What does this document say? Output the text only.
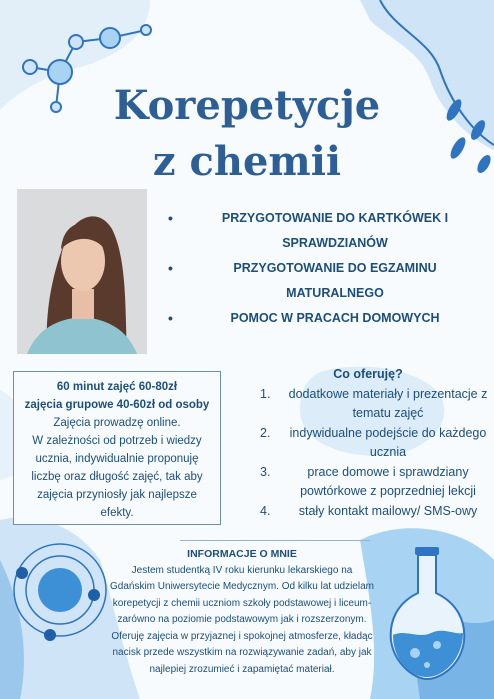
Korepetycje
z chemii
•	PRZYGOTOWANIE DO KARTKÓWEK I SPRAWDZIANÓW
•	PRZYGOTOWANIE DO EGZAMINU MATURALNEGO
•	POMOC W PRACACH DOMOWYCH
60 minut zajęć 60-80zł
zajęcia grupowe 40-60zł od osoby
Zajęcia prowadzę online.
W zależności od potrzeb i wiedzy ucznia, indywidualnie proponuję liczbę oraz długość zajęć, tak aby zajęcia przyniosły jak najlepsze efekty.
Co oferuję?
1.	dodatkowe materiały i prezentacje z tematu zajęć
2.	indywidualne podejście do każdego ucznia
3.	prace domowe i sprawdziany powtórkowe z poprzedniej lekcji
4.	stały kontakt mailowy/ SMS-owy
INFORMACJE O MNIE
Jestem studentką IV roku kierunku lekarskiego na Gdańskim Uniwersytecie Medycznym. Od kilku lat udzielam korepetycji z chemii uczniom szkoły podstawowej i liceum- zarówno na poziomie podstawowym jak i rozszerzonym. Oferuję zajęcia w przyjaznej i spokojnej atmosferze, kładąc nacisk przede wszystkim na rozwiązywanie zadań, aby jak najlepiej zrozumieć i zapamiętać materiał.
